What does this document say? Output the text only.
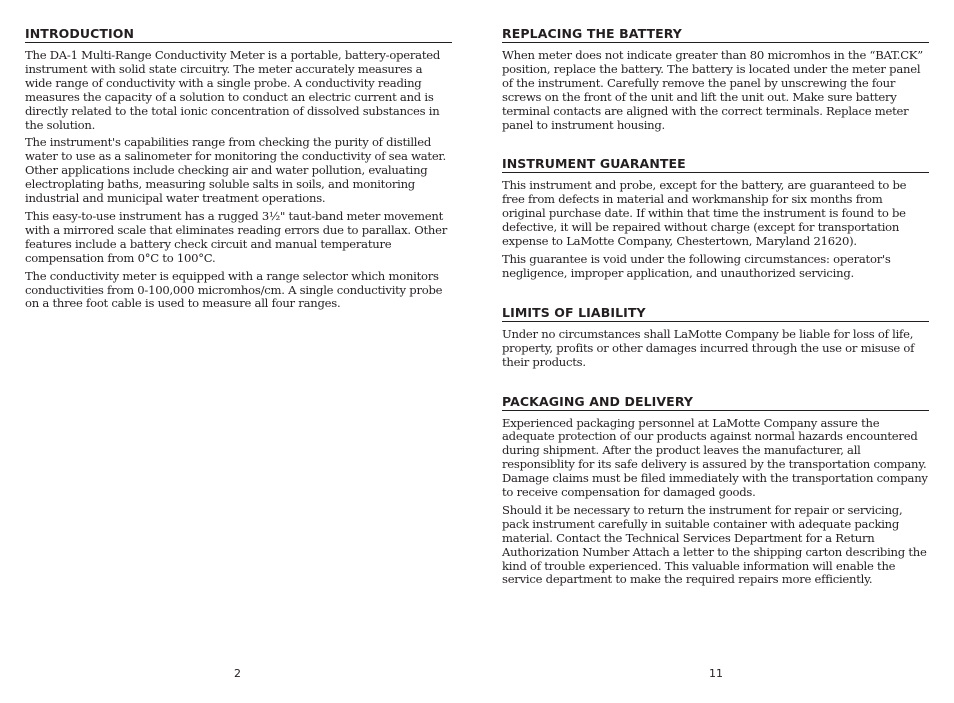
INTRODUCTION

The DA-1 Multi-Range Conductivity Meter is a portable, battery-operated instrument with solid state circuitry. The meter accurately measures a wide range of conductivity with a single probe. A conductivity reading measures the capacity of a solution to conduct an electric current and is directly related to the total ionic concentration of dissolved substances in the solution.

The instrument's capabilities range from checking the purity of distilled water to use as a salinometer for monitoring the conductivity of sea water. Other applications include checking air and water pollution, evaluating electroplating baths, measuring soluble salts in soils, and monitoring industrial and municipal water treatment operations.

This easy-to-use instrument has a rugged 3½" taut-band meter movement with a mirrored scale that eliminates reading errors due to parallax. Other features include a battery check circuit and manual temperature compensation from 0°C to 100°C.

The conductivity meter is equipped with a range selector which monitors conductivities from 0-100,000 micromhos/cm. A single conductivity probe on a three foot cable is used to measure all four ranges.

2
REPLACING THE BATTERY

When meter does not indicate greater than 80 micromhos in the “BAT.CK” position, replace the battery. The battery is located under the meter panel of the instrument. Carefully remove the panel by unscrewing the four screws on the front of the unit and lift the unit out. Make sure battery terminal contacts are aligned with the correct terminals. Replace meter panel to instrument housing.

INSTRUMENT GUARANTEE

This instrument and probe, except for the battery, are guaranteed to be free from defects in material and workmanship for six months from original purchase date. If within that time the instrument is found to be defective, it will be repaired without charge (except for transportation expense to LaMotte Company, Chestertown, Maryland 21620).

This guarantee is void under the following circumstances: operator's negligence, improper application, and unauthorized servicing.

LIMITS OF LIABILITY

Under no circumstances shall LaMotte Company be liable for loss of life, property, profits or other damages incurred through the use or misuse of their products.

PACKAGING AND DELIVERY

Experienced packaging personnel at LaMotte Company assure the adequate protection of our products against normal hazards encountered during shipment. After the product leaves the manufacturer, all responsiblity for its safe delivery is assured by the transportation company. Damage claims must be filed immediately with the transportation company to receive compensation for damaged goods.

Should it be necessary to return the instrument for repair or servicing, pack instrument carefully in suitable container with adequate packing material. Contact the Technical Services Department for a Return Authorization Number Attach a letter to the shipping carton describing the kind of trouble experienced. This valuable information will enable the service department to make the required repairs more efficiently.

11
